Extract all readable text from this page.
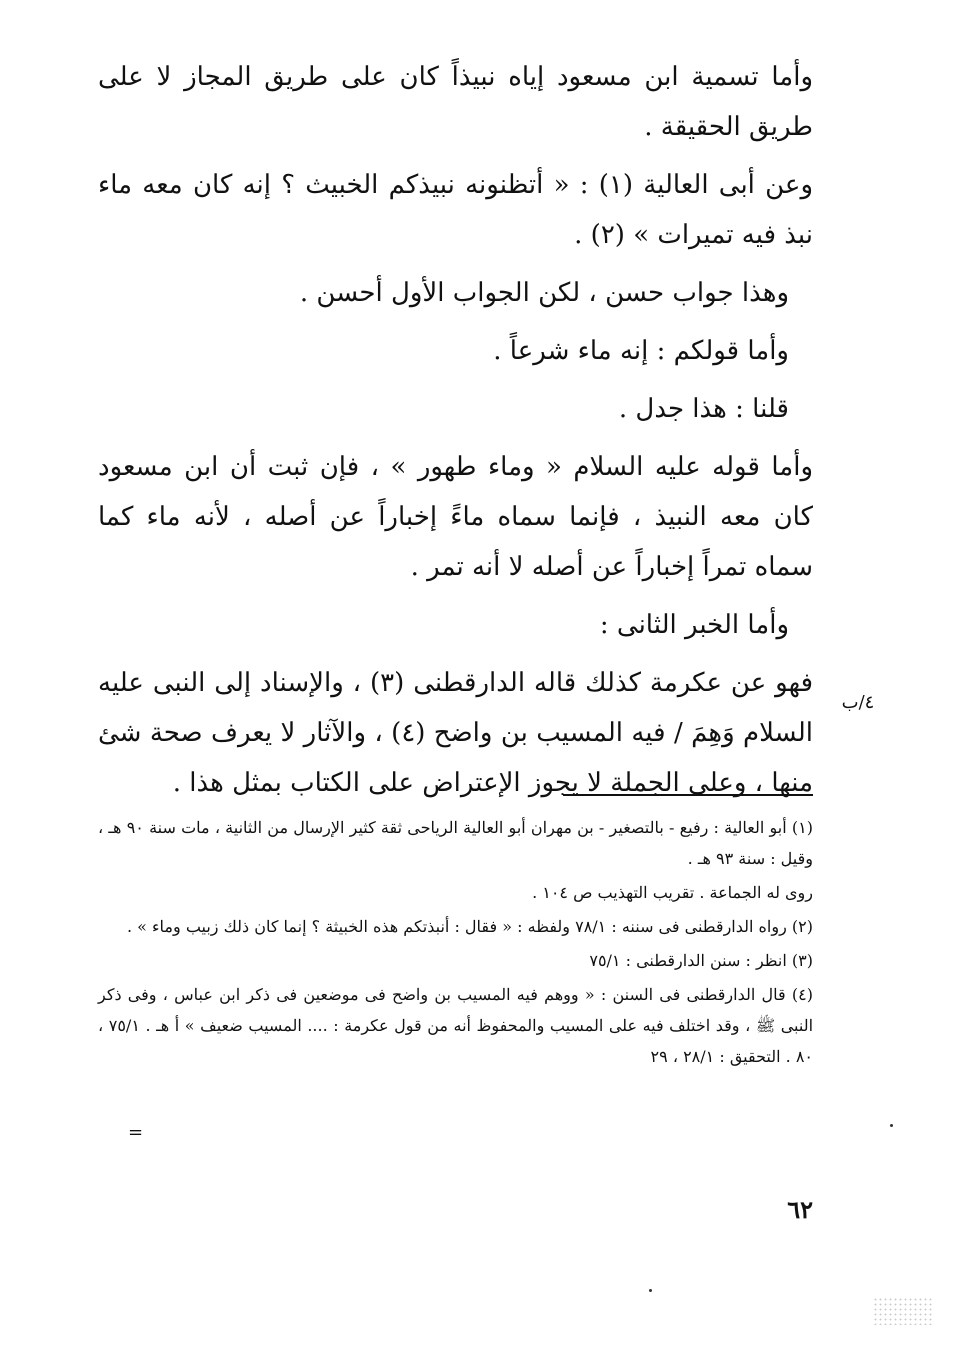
وأما تسمية ابن مسعود إياه نبيذاً كان على طريق المجاز لا على طريق الحقيقة .

وعن أبى العالية (١) : « أتظنونه نبيذكم الخبيث ؟ إنه كان معه ماء نبذ فيه تميرات » (٢) .

وهذا جواب حسن ، لكن الجواب الأول أحسن .

وأما قولكم : إنه ماء شرعاً .

قلنا : هذا جدل .

وأما قوله عليه السلام « وماء طهور » ، فإن ثبت أن ابن مسعود كان معه النبيذ ، فإنما سماه ماءً إخباراً عن أصله ، لأنه ماء كما سماه تمراً إخباراً عن أصله لا أنه تمر .

وأما الخبر الثانى :

فهو عن عكرمة كذلك قاله الدارقطنى (٣) ، والإسناد إلى النبى عليه السلام وَهِمَ / فيه المسيب بن واضح (٤) ، والآثار لا يعرف صحة شئ منها ، وعلى الجملة لا يجوز الإعتراض على الكتاب بمثل هذا .

٤/ب

(١) أبو العالية : رفيع - بالتصغير - بن مهران أبو العالية الرياحى ثقة كثير الإرسال من الثانية ، مات سنة ٩٠ هـ ، وقيل : سنة ٩٣ هـ .

روى له الجماعة . تقريب التهذيب ص ١٠٤ .

(٢) رواه الدارقطنى فى سننه : ٧٨/١ ولفظه : « فقال : أنبذتكم هذه الخبيثة ؟ إنما كان ذلك زبيب وماء » .

(٣) انظر : سنن الدارقطنى : ٧٥/١

(٤) قال الدارقطنى فى السنن : « ووهم فيه المسيب بن واضح فى موضعين فى ذكر ابن عباس ، وفى ذكر النبى ﷺ ، وقد اختلف فيه على المسيب والمحفوظ أنه من قول عكرمة : .... المسيب ضعيف » أ هـ . ٧٥/١ ، ٨٠ . التحقيق : ٢٨/١ ، ٢٩

=
٦٢
